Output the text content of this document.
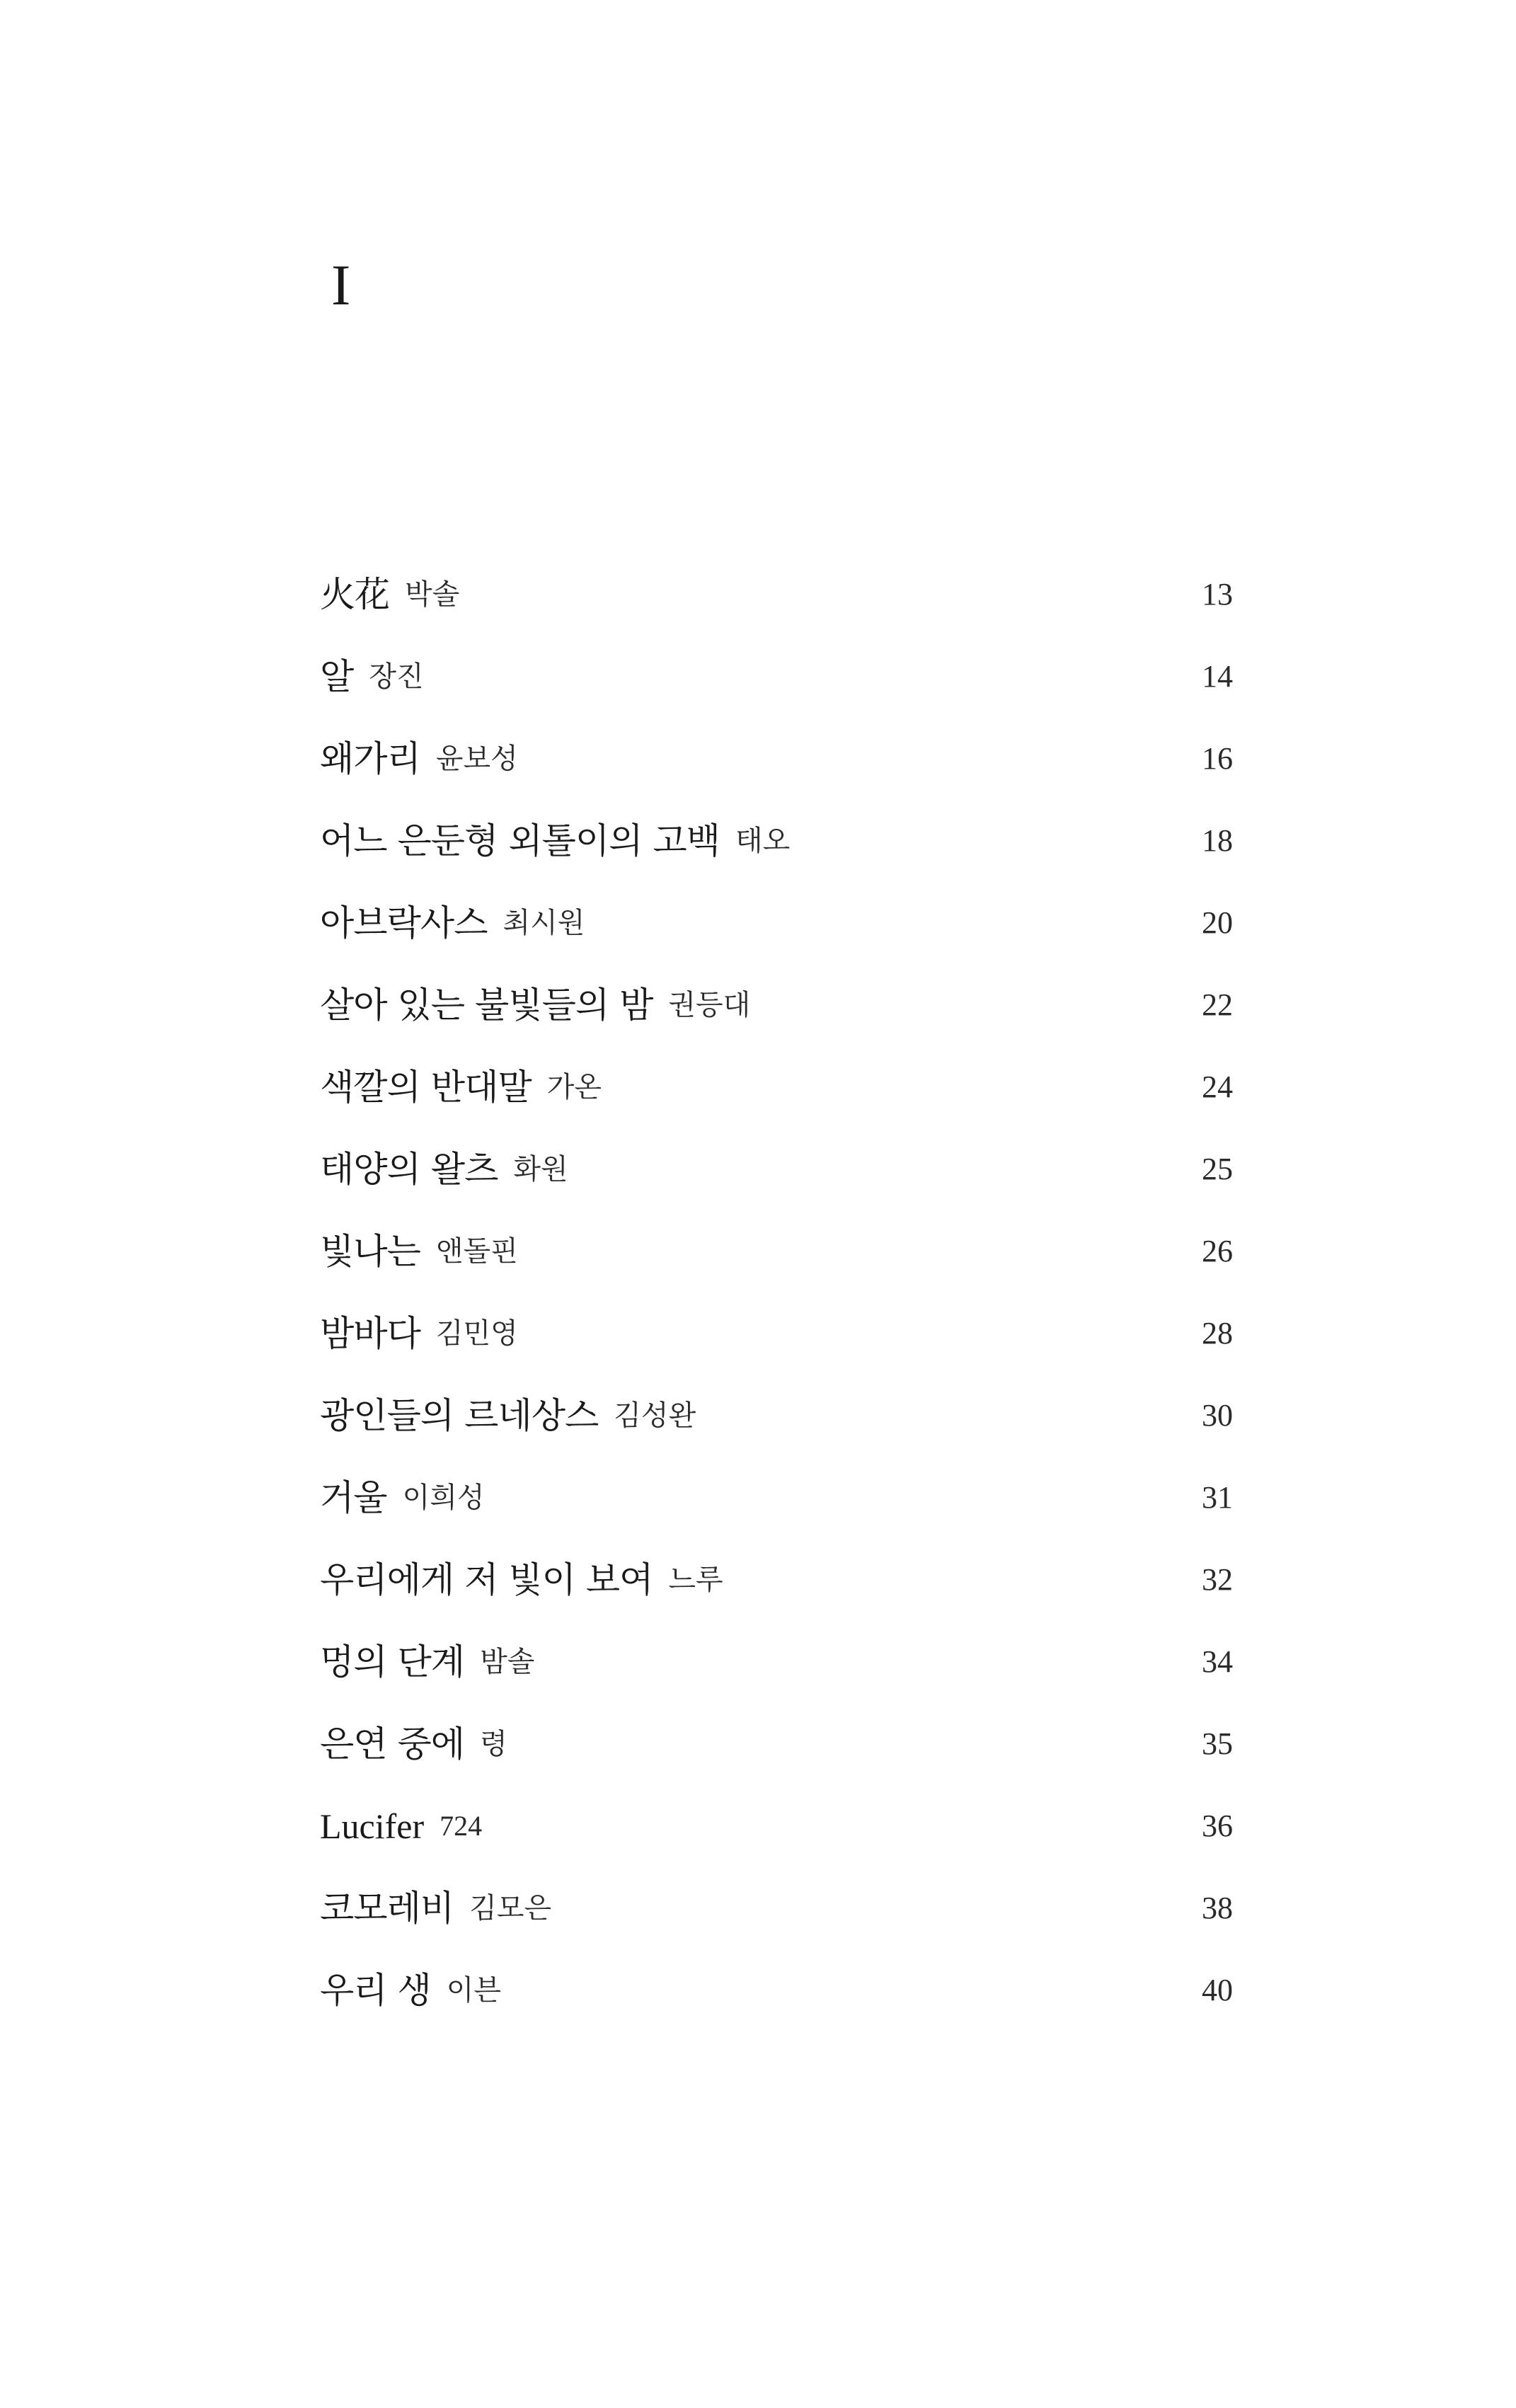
I
火花 박솔	13
알 장진	14
왜가리 윤보성	16
어느 은둔형 외톨이의 고백 태오	18
아브락사스 최시원	20
살아 있는 불빛들의 밤 권등대	22
색깔의 반대말 가온	24
태양의 왈츠 화원	25
빛나는 앤돌핀	26
밤바다 김민영	28
광인들의 르네상스 김성완	30
거울 이희성	31
우리에게 저 빛이 보여 느루	32
멍의 단계 밤솔	34
은연 중에 령	35
Lucifer 724	36
코모레비 김모은	38
우리 생 이븐	40
